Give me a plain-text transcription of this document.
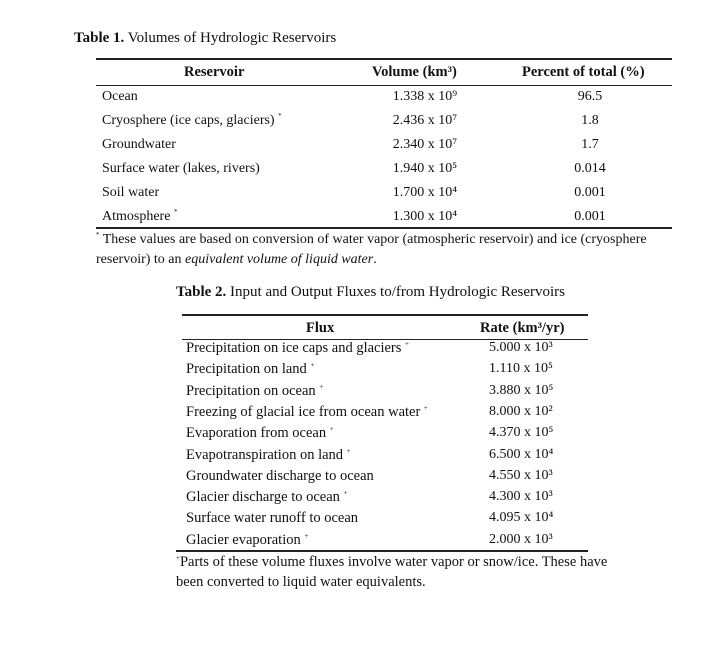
Table 1. Volumes of Hydrologic Reservoirs
Reservoir	Volume (km³)	Percent of total (%)
Ocean	1.338 x 10⁹	96.5
Cryosphere (ice caps, glaciers) *	2.436 x 10⁷	1.8
Groundwater	2.340 x 10⁷	1.7
Surface water (lakes, rivers)	1.940 x 10⁵	0.014
Soil water	1.700 x 10⁴	0.001
Atmosphere *	1.300 x 10⁴	0.001
* These values are based on conversion of water vapor (atmospheric reservoir) and ice (cryosphere reservoir) to an equivalent volume of liquid water.
Table 2. Input and Output Fluxes to/from Hydrologic Reservoirs
Flux	Rate (km³/yr)
Precipitation on ice caps and glaciers +	5.000 x 10³
Precipitation on land +	1.110 x 10⁵
Precipitation on ocean +	3.880 x 10⁵
Freezing of glacial ice from ocean water +	8.000 x 10²
Evaporation from ocean +	4.370 x 10⁵
Evapotranspiration on land +	6.500 x 10⁴
Groundwater discharge to ocean	4.550 x 10³
Glacier discharge to ocean +	4.300 x 10³
Surface water runoff to ocean	4.095 x 10⁴
Glacier evaporation +	2.000 x 10³
+Parts of these volume fluxes involve water vapor or snow/ice. These have been converted to liquid water equivalents.
